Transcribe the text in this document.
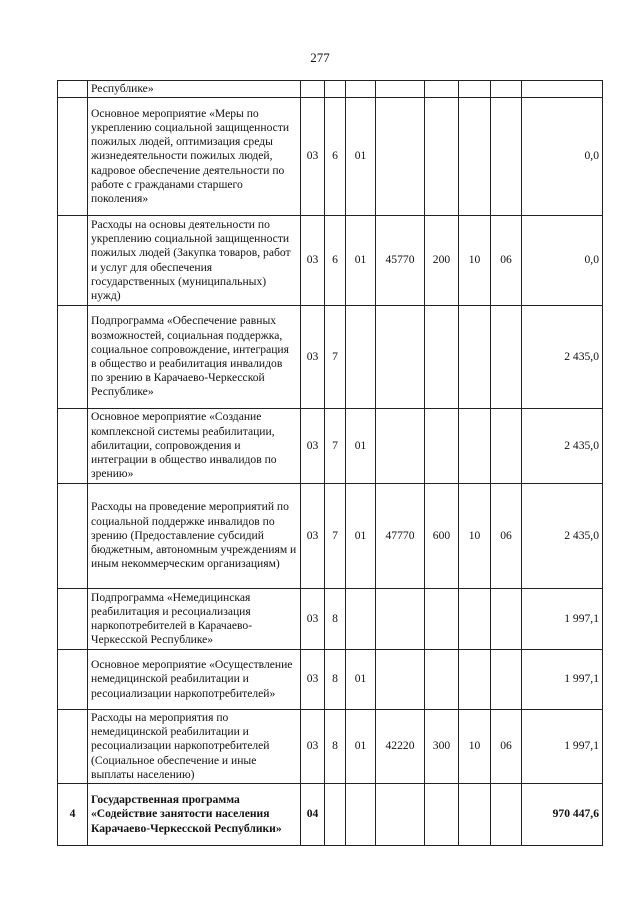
277
	Республике»								
	Основное мероприятие «Меры по укреплению социальной защищенности пожилых людей, оптимизация среды жизнедеятельности пожилых людей, кадровое обеспечение деятельности по работе с гражданами старшего поколения»	03	6	01					0,0
	Расходы на основы деятельности по укреплению социальной защищенности пожилых людей (Закупка товаров, работ и услуг для обеспечения государственных (муниципальных) нужд)	03	6	01	45770	200	10	06	0,0
	Подпрограмма «Обеспечение равных возможностей, социальная поддержка, социальное сопровождение, интеграция в общество и реабилитация инвалидов по зрению в Карачаево-Черкесской Республике»	03	7						2 435,0
	Основное мероприятие «Создание комплексной системы реабилитации, абилитации, сопровождения и интеграции в общество инвалидов по зрению»	03	7	01					2 435,0
	Расходы на проведение мероприятий по социальной поддержке инвалидов по зрению (Предоставление субсидий бюджетным, автономным учреждениям и иным некоммерческим организациям)	03	7	01	47770	600	10	06	2 435,0
	Подпрограмма «Немедицинская реабилитация и ресоциализация наркопотребителей в Карачаево-Черкесской Республике»	03	8						1 997,1
	Основное мероприятие «Осуществление немедицинской реабилитации и ресоциализации наркопотребителей»	03	8	01					1 997,1
	Расходы на мероприятия по немедицинской реабилитации и ресоциализации наркопотребителей (Социальное обеспечение и иные выплаты населению)	03	8	01	42220	300	10	06	1 997,1
4	Государственная программа «Содействие занятости населения Карачаево-Черкесской Республики»	04							970 447,6
